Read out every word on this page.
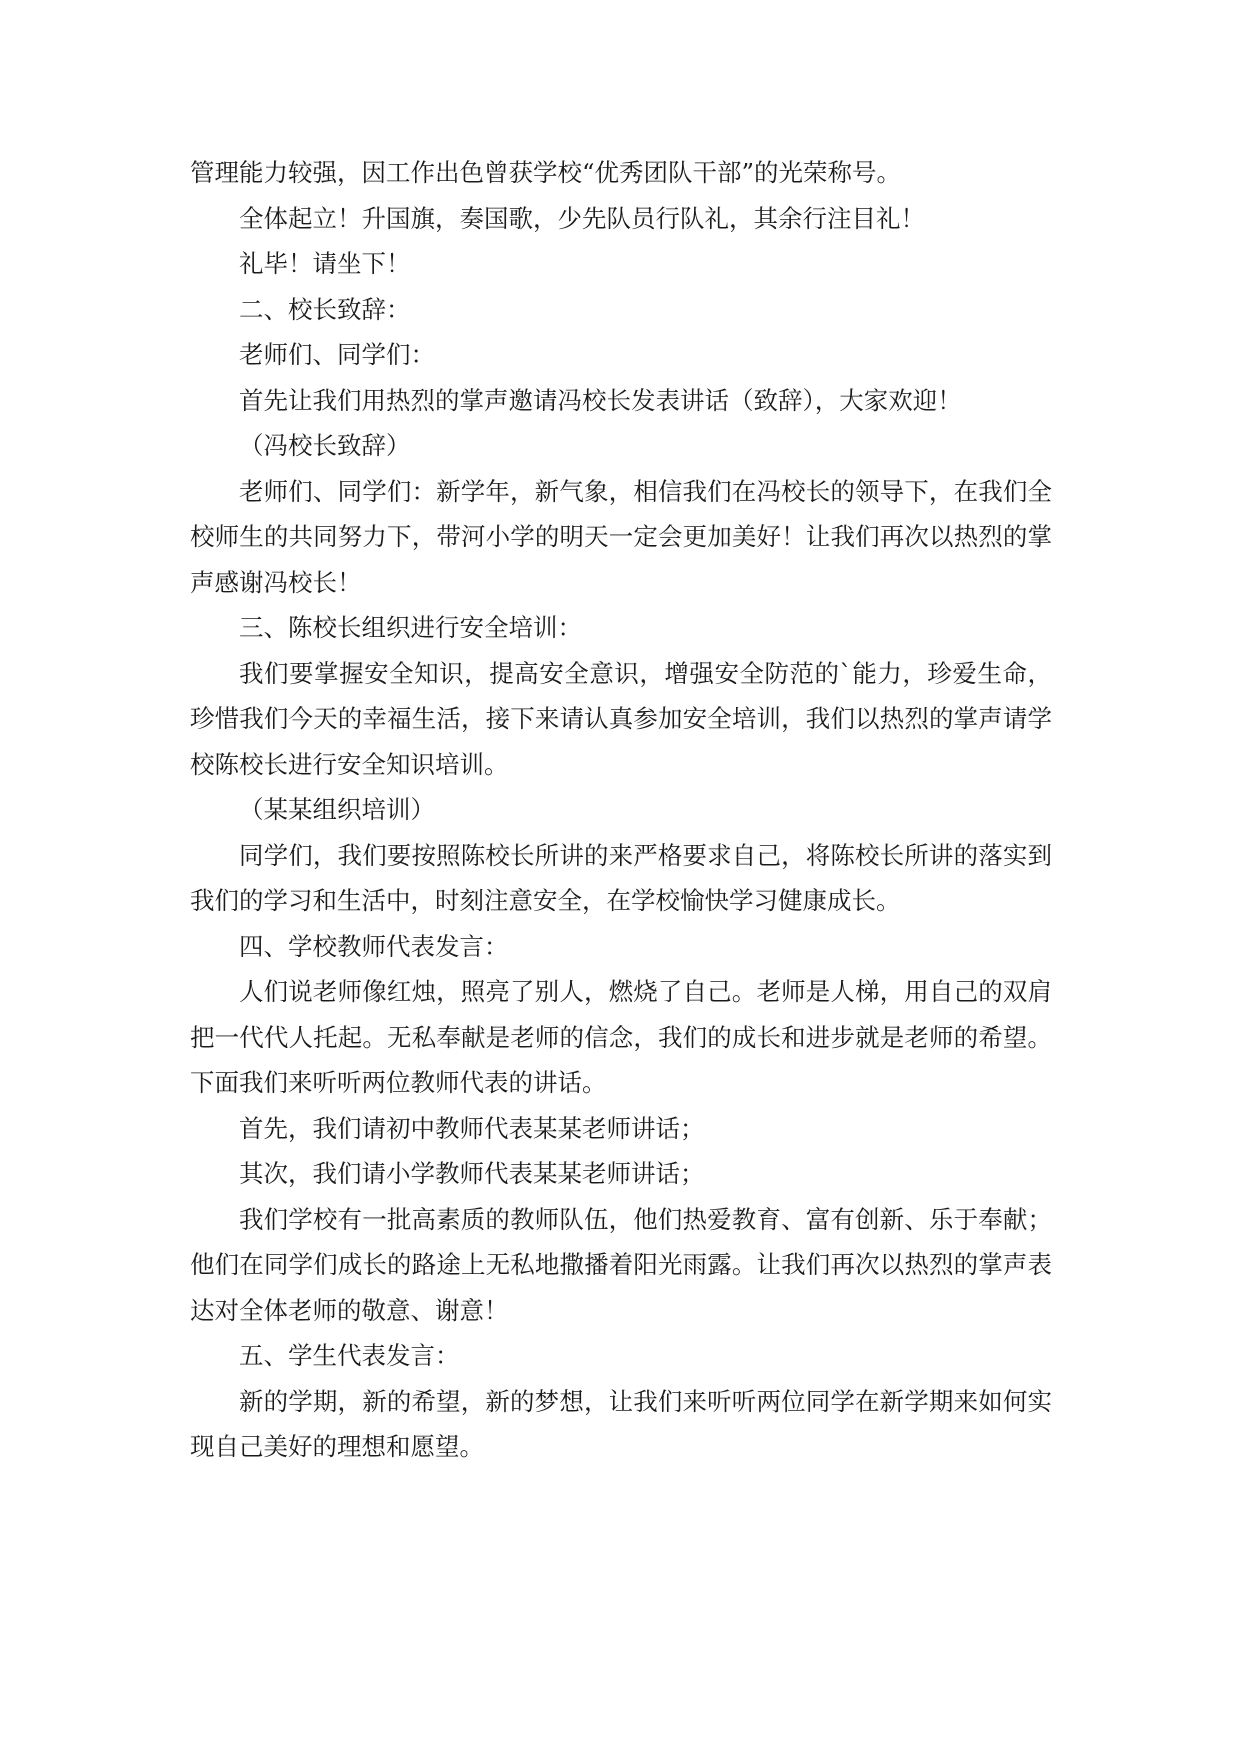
管理能力较强，因工作出色曾获学校“优秀团队干部”的光荣称号。

全体起立！升国旗，奏国歌，少先队员行队礼，其余行注目礼！

礼毕！请坐下！

二、校长致辞：

老师们、同学们：

首先让我们用热烈的掌声邀请冯校长发表讲话（致辞），大家欢迎！

（冯校长致辞）

老师们、同学们：新学年，新气象，相信我们在冯校长的领导下，在我们全校师生的共同努力下，带河小学的明天一定会更加美好！让我们再次以热烈的掌声感谢冯校长！

三、陈校长组织进行安全培训：

我们要掌握安全知识，提高安全意识，增强安全防范的`能力，珍爱生命，珍惜我们今天的幸福生活，接下来请认真参加安全培训，我们以热烈的掌声请学校陈校长进行安全知识培训。

（某某组织培训）

同学们，我们要按照陈校长所讲的来严格要求自己，将陈校长所讲的落实到我们的学习和生活中，时刻注意安全，在学校愉快学习健康成长。

四、学校教师代表发言：

人们说老师像红烛，照亮了别人，燃烧了自己。老师是人梯，用自己的双肩把一代代人托起。无私奉献是老师的信念，我们的成长和进步就是老师的希望。下面我们来听听两位教师代表的讲话。

首先，我们请初中教师代表某某老师讲话；

其次，我们请小学教师代表某某老师讲话；

我们学校有一批高素质的教师队伍，他们热爱教育、富有创新、乐于奉献；他们在同学们成长的路途上无私地撒播着阳光雨露。让我们再次以热烈的掌声表达对全体老师的敬意、谢意！

五、学生代表发言：

新的学期，新的希望，新的梦想，让我们来听听两位同学在新学期来如何实现自己美好的理想和愿望。
